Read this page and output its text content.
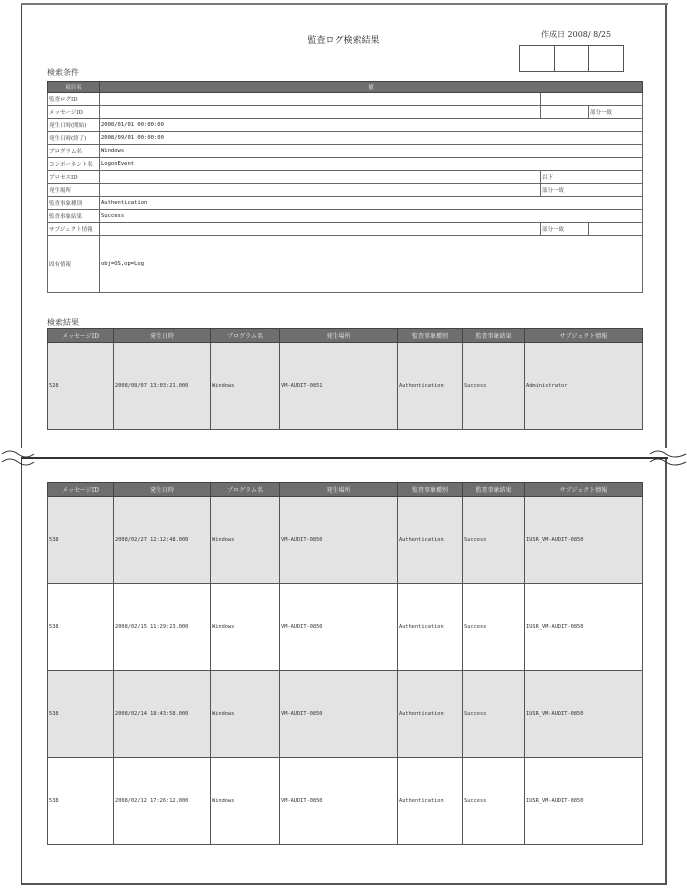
監査ログ検索結果
作成日 2008/ 8/25
検索条件
項目名	値		
監査ログID			
メッセージID			部分一致
発生日時(開始)	2008/01/01 00:00:00		
発生日時(終了)	2008/09/01 00:00:00		
プログラム名	Windows		
コンポーネント名	LogonEvent		
プロセスID		以下	
発生場所		部分一致	
監査事象種別	Authentication		
監査事象結果	Success		
サブジェクト情報		部分一致	
固有情報	obj=OS,op=Log		
検索結果
メッセージID	発生日時	プログラム名	発生場所	監査事象種別	監査事象結果	サブジェクト情報
528	2008/08/07 13:03:21.000	Windows	VM-AUDIT-0851	Authentication	Success	Administrator
メッセージID	発生日時	プログラム名	発生場所	監査事象種別	監査事象結果	サブジェクト情報
538	2008/02/27 12:12:48.000	Windows	VM-AUDIT-0850	Authentication	Success	IUSR_VM-AUDIT-0850
538	2008/02/15 11:29:23.000	Windows	VM-AUDIT-0850	Authentication	Success	IUSR_VM-AUDIT-0850
538	2008/02/14 18:43:58.000	Windows	VM-AUDIT-0850	Authentication	Success	IUSR_VM-AUDIT-0850
538	2008/02/12 17:26:12.000	Windows	VM-AUDIT-0850	Authentication	Success	IUSR_VM-AUDIT-0850
